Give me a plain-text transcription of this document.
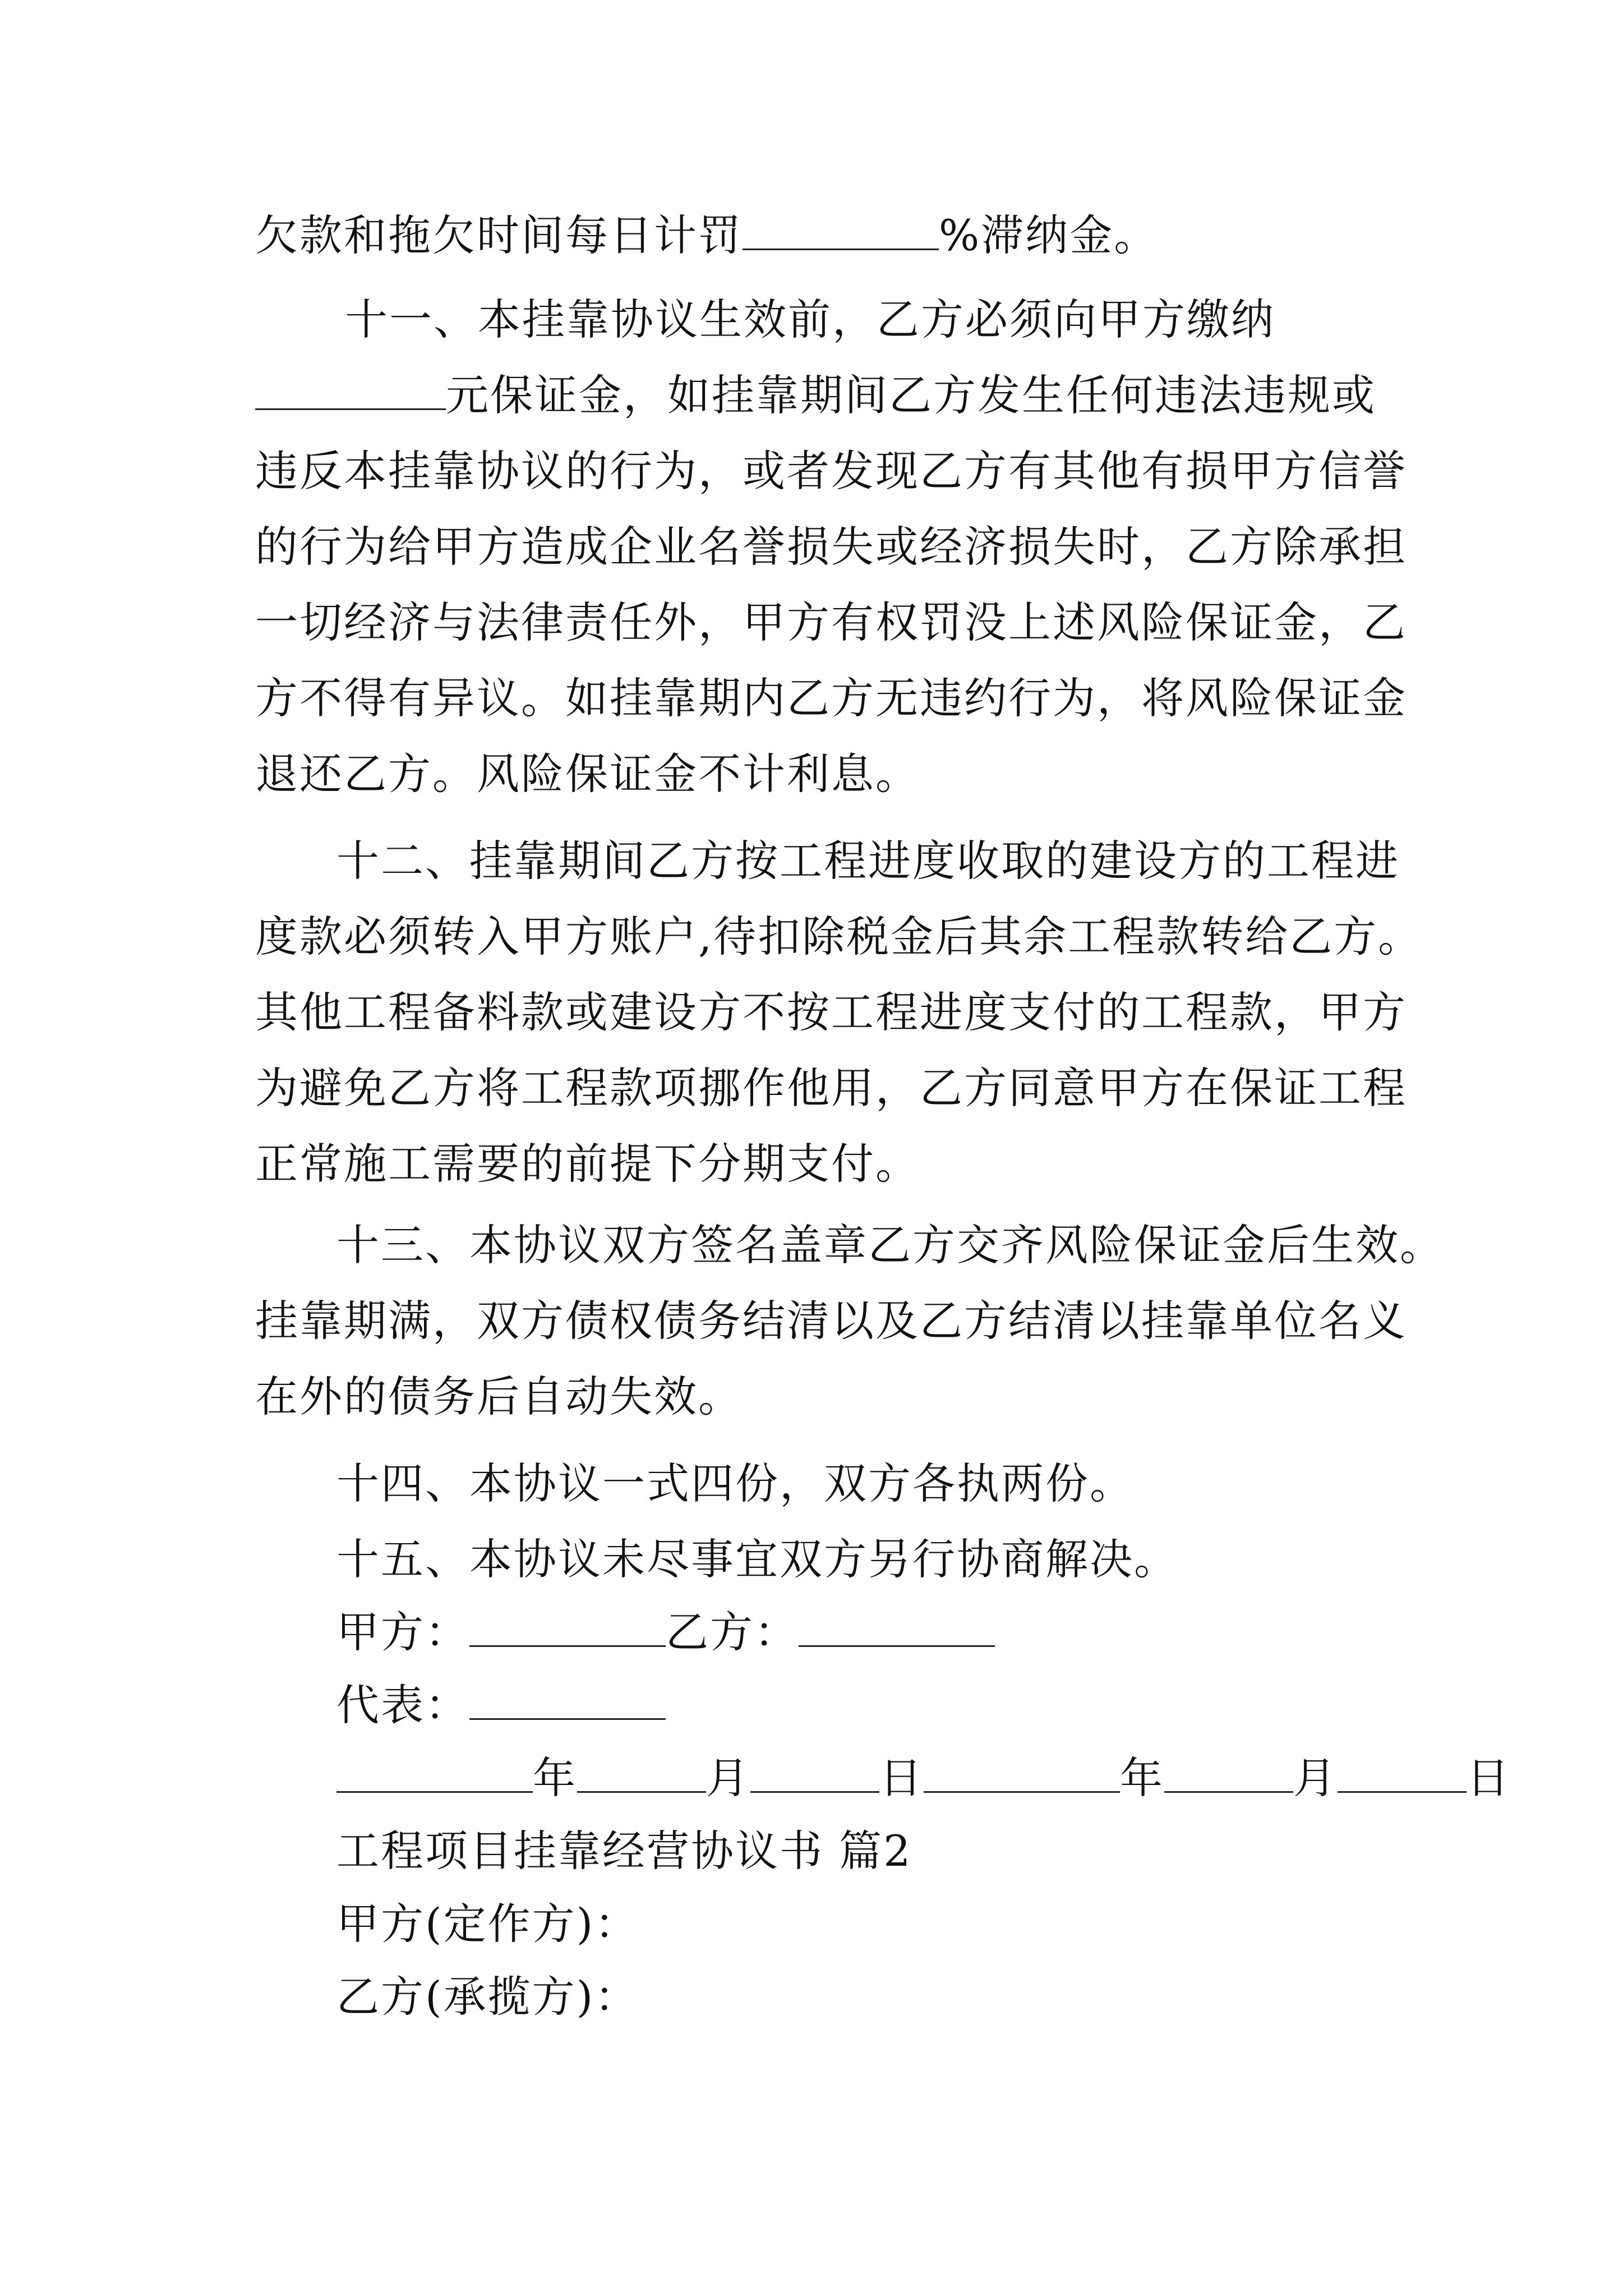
欠款和拖欠时间每日计罚	%滞纳金。
十一、本挂靠协议生效前，乙方必须向甲方缴纳
元保证金，如挂靠期间乙方发生任何违法违规或
违反本挂靠协议的行为，或者发现乙方有其他有损甲方信誉
的行为给甲方造成企业名誉损失或经济损失时，乙方除承担
一切经济与法律责任外，甲方有权罚没上述风险保证金，乙
方不得有异议。如挂靠期内乙方无违约行为，将风险保证金
退还乙方。风险保证金不计利息。
十二、挂靠期间乙方按工程进度收取的建设方的工程进
度款必须转入甲方账户,待扣除税金后其余工程款转给乙方。
其他工程备料款或建设方不按工程进度支付的工程款，甲方
为避免乙方将工程款项挪作他用，乙方同意甲方在保证工程
正常施工需要的前提下分期支付。
十三、本协议双方签名盖章乙方交齐风险保证金后生效。
挂靠期满，双方债权债务结清以及乙方结清以挂靠单位名义
在外的债务后自动失效。
十四、本协议一式四份，双方各执两份。
十五、本协议未尽事宜双方另行协商解决。
甲方：	乙方：
代表：
年	月	日	年	月	日
工程项目挂靠经营协议书 篇2
甲方(定作方)：
乙方(承揽方)：
